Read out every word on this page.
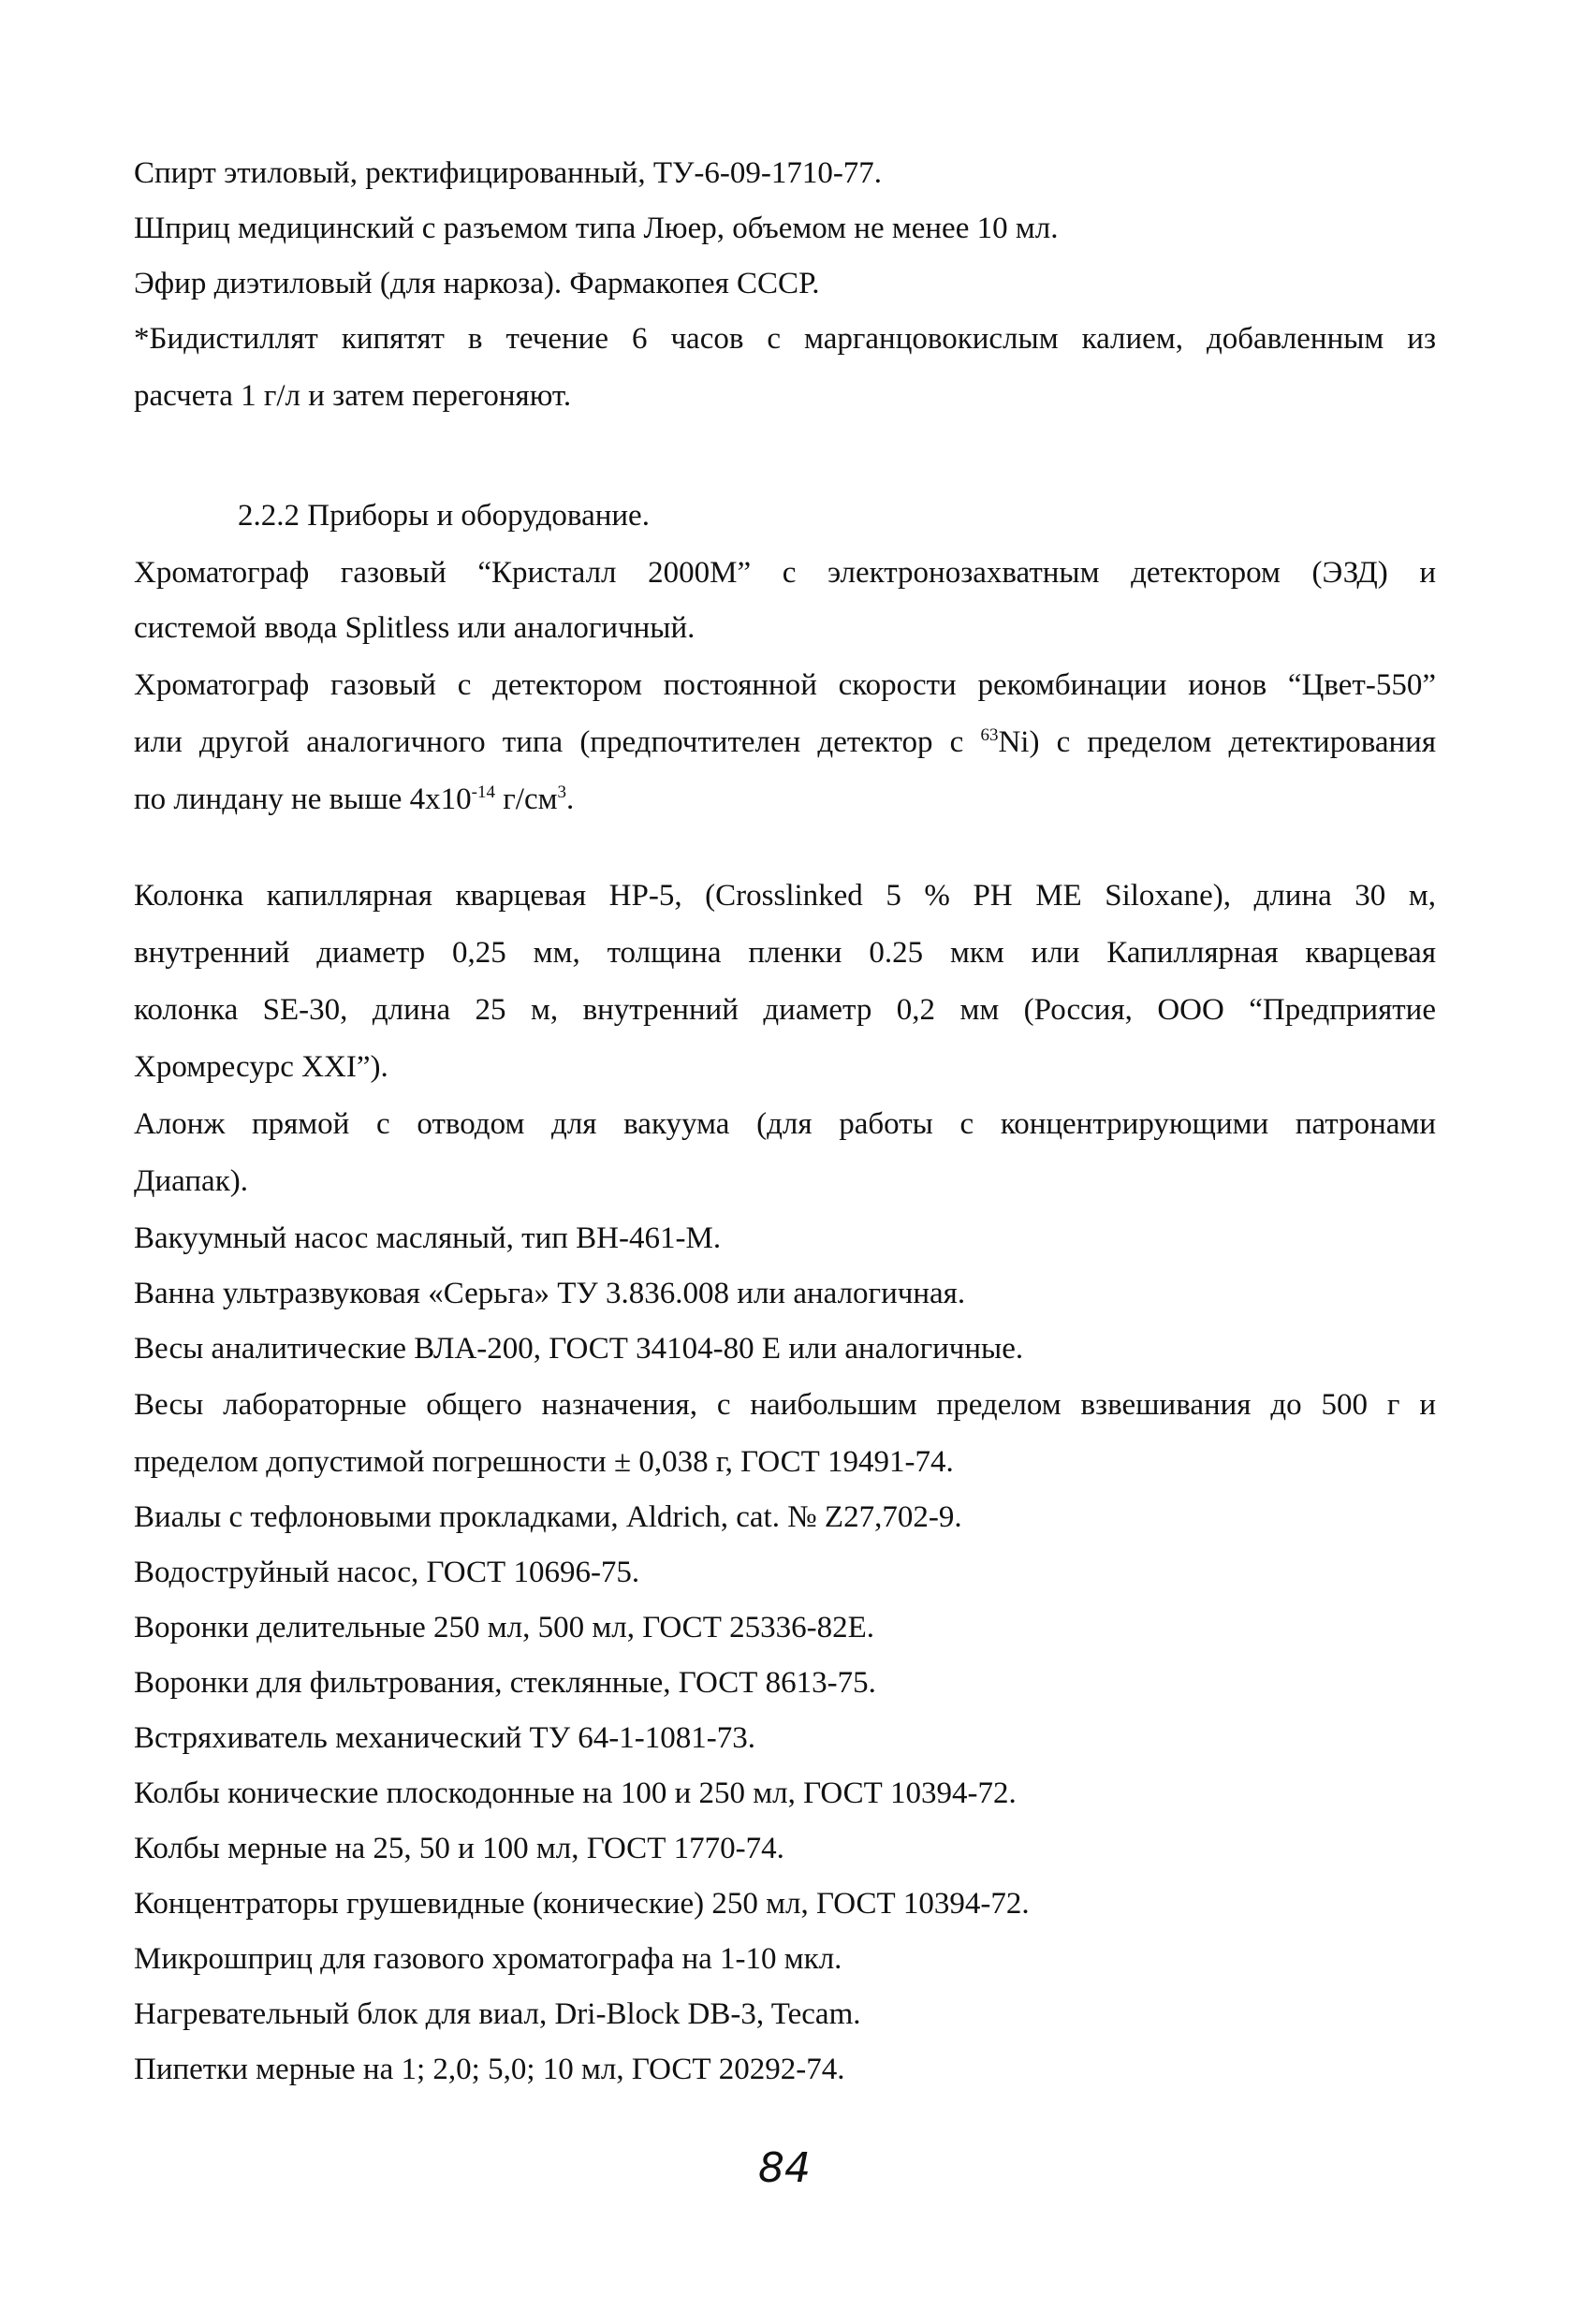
Спирт этиловый, ректифицированный, ТУ-6-09-1710-77.

Шприц медицинский с разъемом типа Люер, объемом не менее 10 мл.

Эфир диэтиловый (для наркоза). Фармакопея СССР.

*Бидистиллят кипятят в течение 6 часов с марганцовокислым калием, добавленным из

расчета 1 г/л и затем перегоняют.

2.2.2 Приборы и оборудование.

Хроматограф газовый “Кристалл 2000М” с электронозахватным детектором (ЭЗД) и

системой ввода Splitless или аналогичный.

Хроматограф газовый с детектором постоянной скорости рекомбинации ионов “Цвет-550”

или другой аналогичного типа (предпочтителен детектор с $^{63}$Ni) с пределом детектирования

по линдану не выше $4x10^{-14}$ $г/см^3$.

Колонка капиллярная кварцевая HP-5, (Crosslinked 5 % PH ME Siloxane), длина 30 м,

внутренний диаметр 0,25 мм, толщина пленки 0.25 мкм или Капиллярная кварцевая

колонка SE-30, длина 25 м, внутренний диаметр 0,2 мм (Россия, ООО “Предприятие

Хромресурс XXI”).

Алонж прямой с отводом для вакуума (для работы с концентрирующими патронами

Диапак).

Вакуумный насос масляный, тип ВН-461-М.

Ванна ультразвуковая «Серьга» ТУ 3.836.008 или аналогичная.

Весы аналитические ВЛА-200, ГОСТ 34104-80 Е или аналогичные.

Весы лабораторные общего назначения, с наибольшим пределом взвешивания до 500 г и

пределом допустимой погрешности ± 0,038 г, ГОСТ 19491-74.

Виалы с тефлоновыми прокладками, Aldrich, cat. № Z27,702-9.

Водоструйный насос, ГОСТ 10696-75.

Воронки делительные 250 мл, 500 мл, ГОСТ 25336-82Е.

Воронки для фильтрования, стеклянные, ГОСТ 8613-75.

Встряхиватель механический ТУ 64-1-1081-73.

Колбы конические плоскодонные на 100 и 250 мл, ГОСТ 10394-72.

Колбы мерные на 25, 50 и 100 мл, ГОСТ 1770-74.

Концентраторы грушевидные (конические) 250 мл, ГОСТ 10394-72.

Микрошприц для газового хроматографа на 1-10 мкл.

Нагревательный блок для виал, Dri-Block DB-3, Tecam.

Пипетки мерные на 1; 2,0; 5,0; 10 мл, ГОСТ 20292-74.

84
